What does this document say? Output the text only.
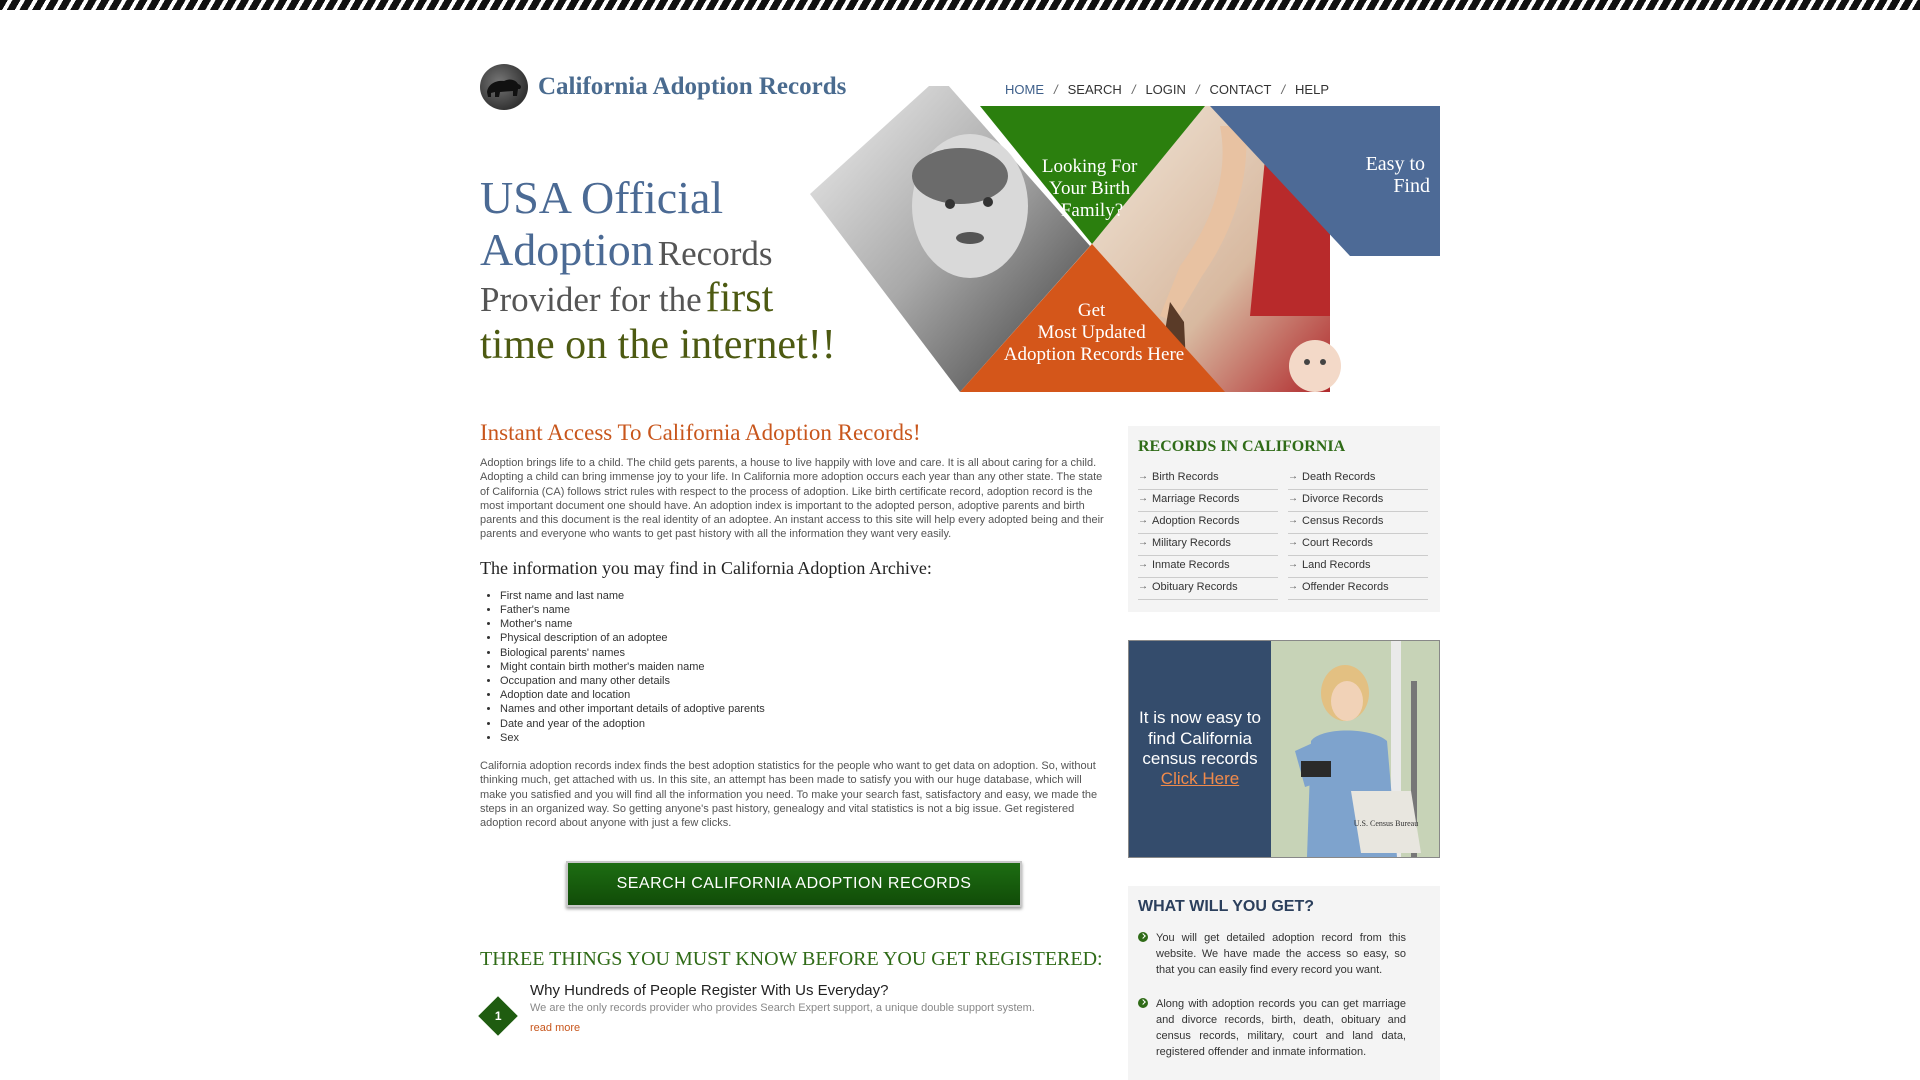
California Adoption Records	HOME / SEARCH / LOGIN / CONTACT / HELP
USA Official
Adoption Records
Provider for the first
time on the internet!!
Looking For Your Birth Family?
Easy to Find
Get Most Updated Adoption Records Here
Instant Access To California Adoption Records!

Adoption brings life to a child. The child gets parents, a house to live happily with love and care. It is all about caring for a child. Adopting a child can bring immense joy to your life. In California more adoption occurs each year than any other state. The state of California (CA) follows strict rules with respect to the process of adoption. Like birth certificate record, adoption record is the most important document one should have. An adoption index is important to the adopted person, adoptive parents and birth parents and this document is the real identity of an adoptee. An instant access to this site will help every adopted being and their parents and everyone who wants to get past history with all the information they want very easily.

The information you may find in California Adoption Archive:
• First name and last name
• Father's name
• Mother's name
• Physical description of an adoptee
• Biological parents' names
• Might contain birth mother's maiden name
• Occupation and many other details
• Adoption date and location
• Names and other important details of adoptive parents
• Date and year of the adoption
• Sex

California adoption records index finds the best adoption statistics for the people who want to get data on adoption. So, without thinking much, get attached with us. In this site, an attempt has been made to satisfy you with our huge database, which will make you satisfied and you will find all the information you need. To make your search fast, satisfactory and easy, we made the steps in an organized way. So getting anyone's past history, genealogy and vital statistics is not a big issue. Get registered adoption record about anyone with just a few clicks.

SEARCH CALIFORNIA ADOPTION RECORDS
THREE THINGS YOU MUST KNOW BEFORE YOU GET REGISTERED:
1
Why Hundreds of People Register With Us Everyday?
We are the only records provider who provides Search Expert support, a unique double support system.
read more
RECORDS IN CALIFORNIA
→ Birth Records	→ Death Records
→ Marriage Records	→ Divorce Records
→ Adoption Records	→ Census Records
→ Military Records	→ Court Records
→ Inmate Records	→ Land Records
→ Obituary Records	→ Offender Records
It is now easy to find California census records
Click Here
U.S. Census Bureau
WHAT WILL YOU GET?

You will get detailed adoption record from this website. We have made the access so easy, so that you can easily find every record you want.

Along with adoption records you can get marriage and divorce records, birth, death, obituary and census records, military, court and land data, registered offender and inmate information.
